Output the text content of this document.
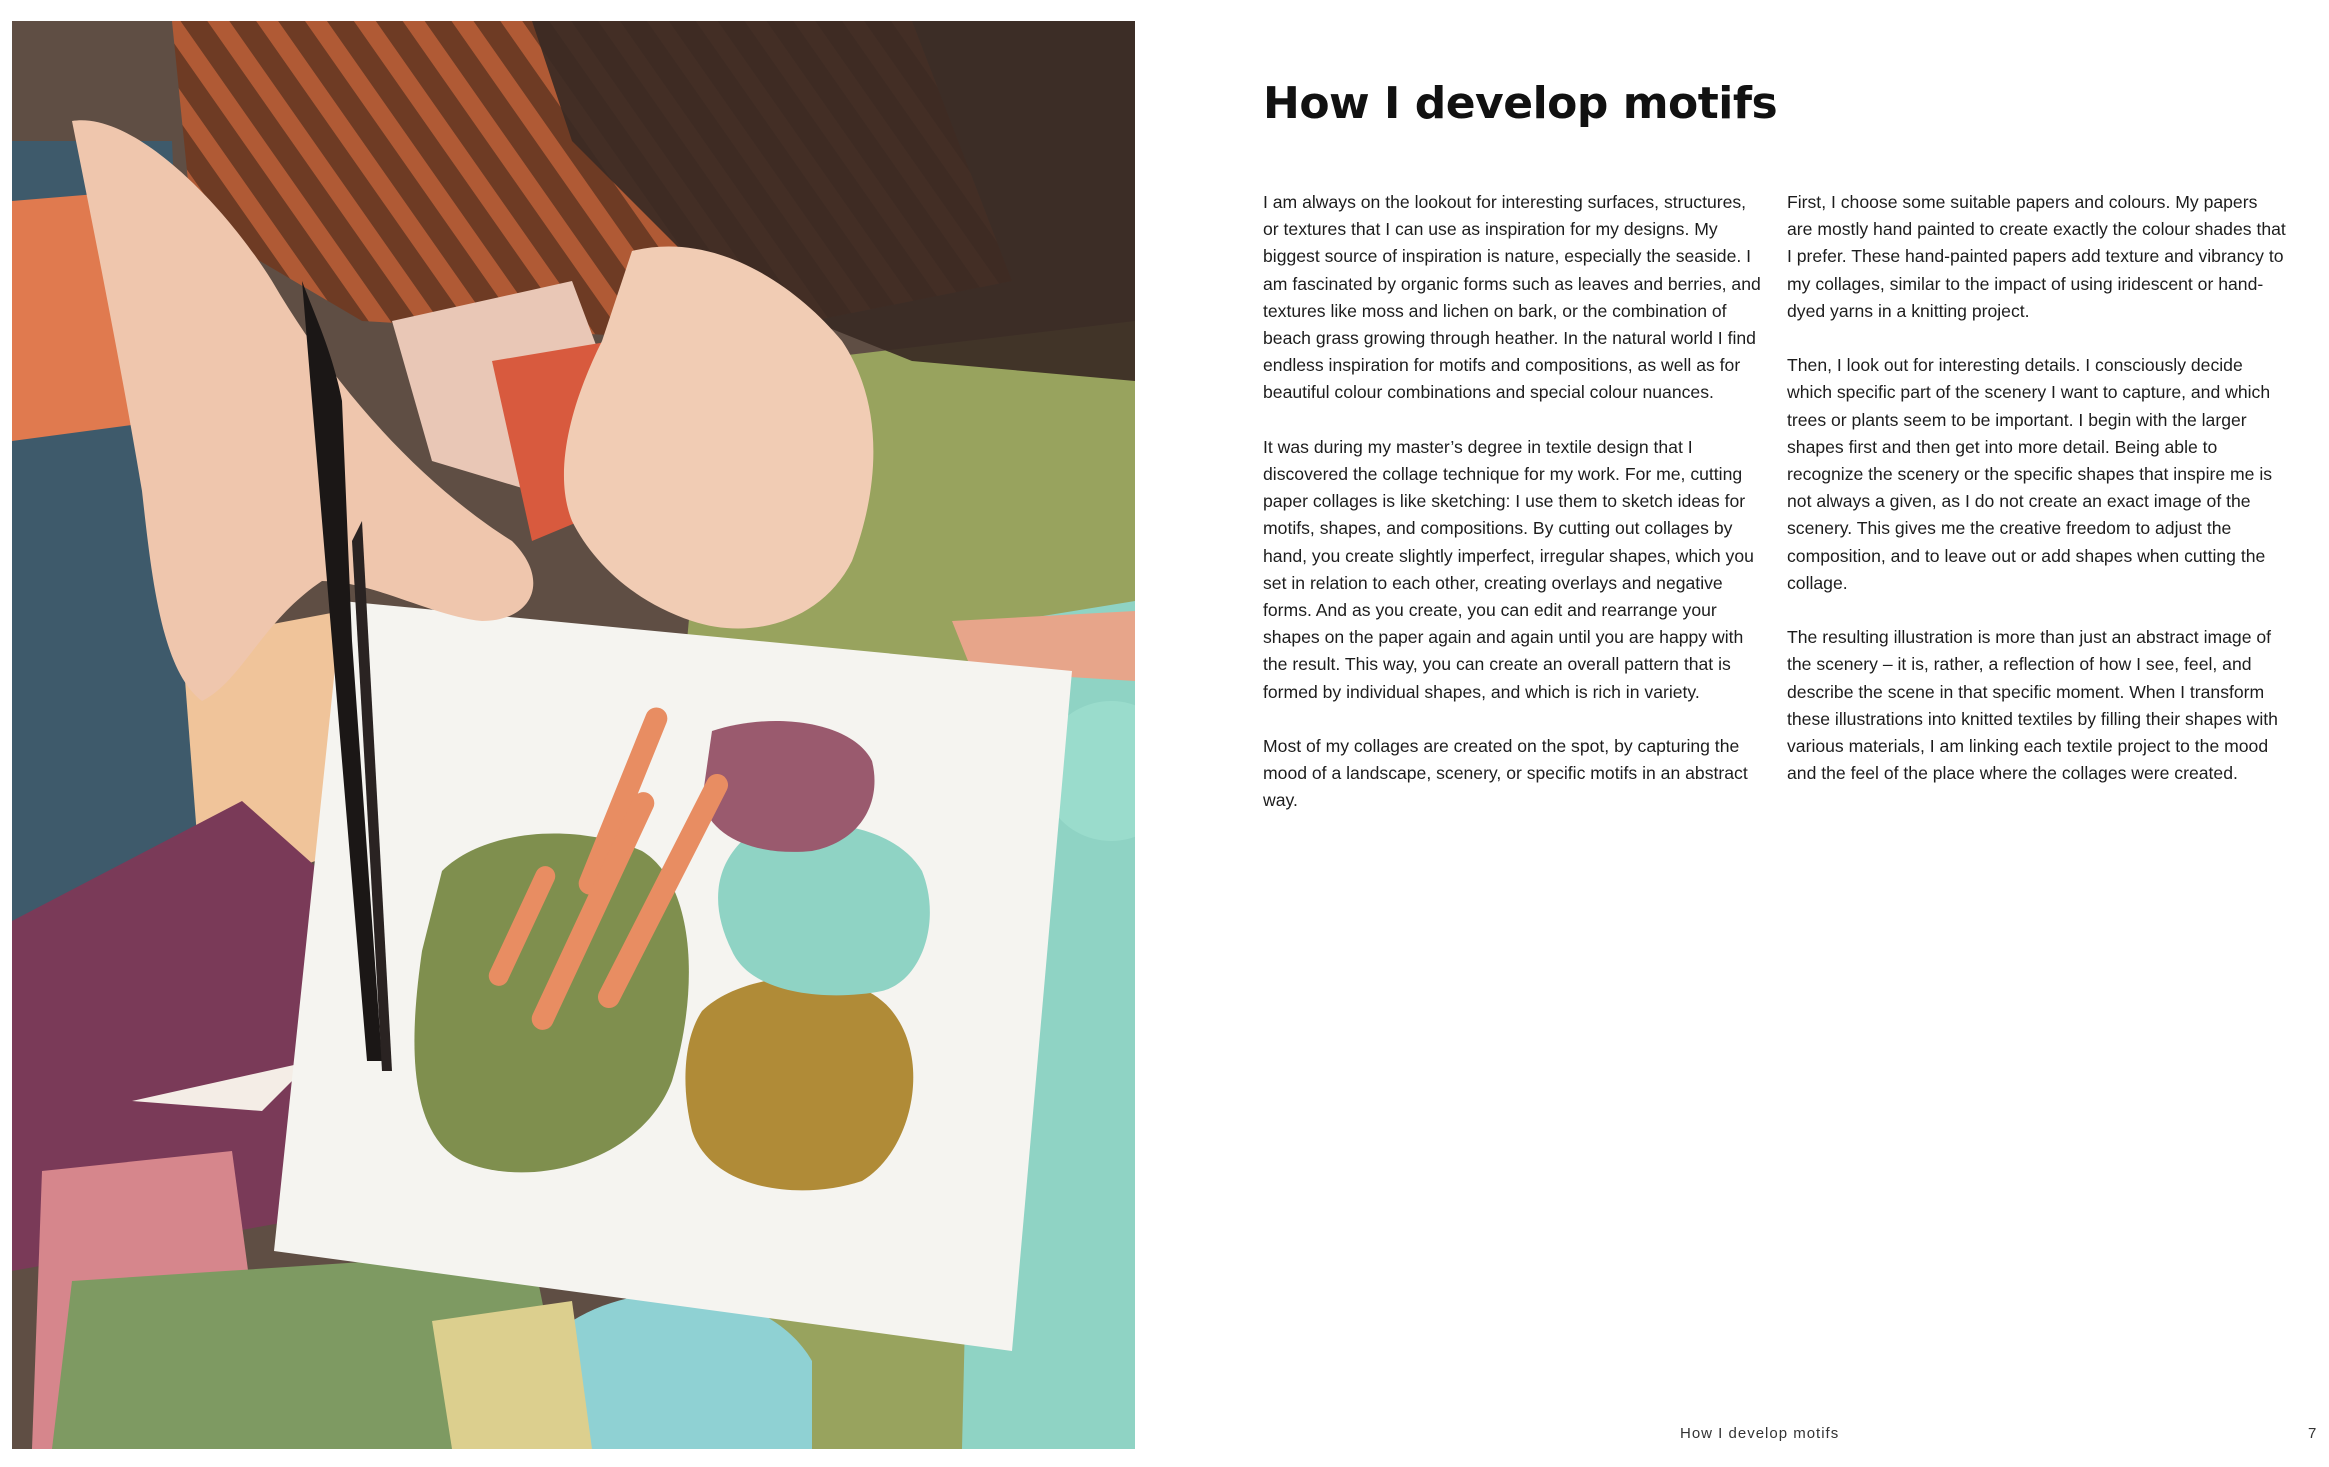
How I develop motifs

I am always on the lookout for interesting surfaces, structures, or textures that I can use as inspiration for my designs. My biggest source of inspiration is nature, especially the seaside. I am fascinated by organic forms such as leaves and berries, and textures like moss and lichen on bark, or the combination of beach grass growing through heather. In the natural world I find endless inspiration for motifs and compositions, as well as for beautiful colour combinations and special colour nuances.

It was during my master’s degree in textile design that I discovered the collage technique for my work. For me, cutting paper collages is like sketching: I use them to sketch ideas for motifs, shapes, and compositions. By cutting out collages by hand, you create slightly imperfect, irregular shapes, which you set in relation to each other, creating overlays and negative forms. And as you create, you can edit and rearrange your shapes on the paper again and again until you are happy with the result. This way, you can create an overall pattern that is formed by individual shapes, and which is rich in variety.

Most of my collages are created on the spot, by capturing the mood of a landscape, scenery, or specific motifs in an abstract way.

First, I choose some suitable papers and colours. My papers are mostly hand painted to create exactly the colour shades that I prefer. These hand-painted papers add texture and vibrancy to my collages, similar to the impact of using iridescent or hand-dyed yarns in a knitting project.

Then, I look out for interesting details. I consciously decide which specific part of the scenery I want to capture, and which trees or plants seem to be important. I begin with the larger shapes first and then get into more detail. Being able to recognize the scenery or the specific shapes that inspire me is not always a given, as I do not create an exact image of the scenery. This gives me the creative freedom to adjust the composition, and to leave out or add shapes when cutting the collage.

The resulting illustration is more than just an abstract image of the scenery – it is, rather, a reflection of how I see, feel, and describe the scene in that specific moment. When I transform these illustrations into knitted textiles by filling their shapes with various materials, I am linking each textile project to the mood and the feel of the place where the collages were created.

How I develop motifs	7
